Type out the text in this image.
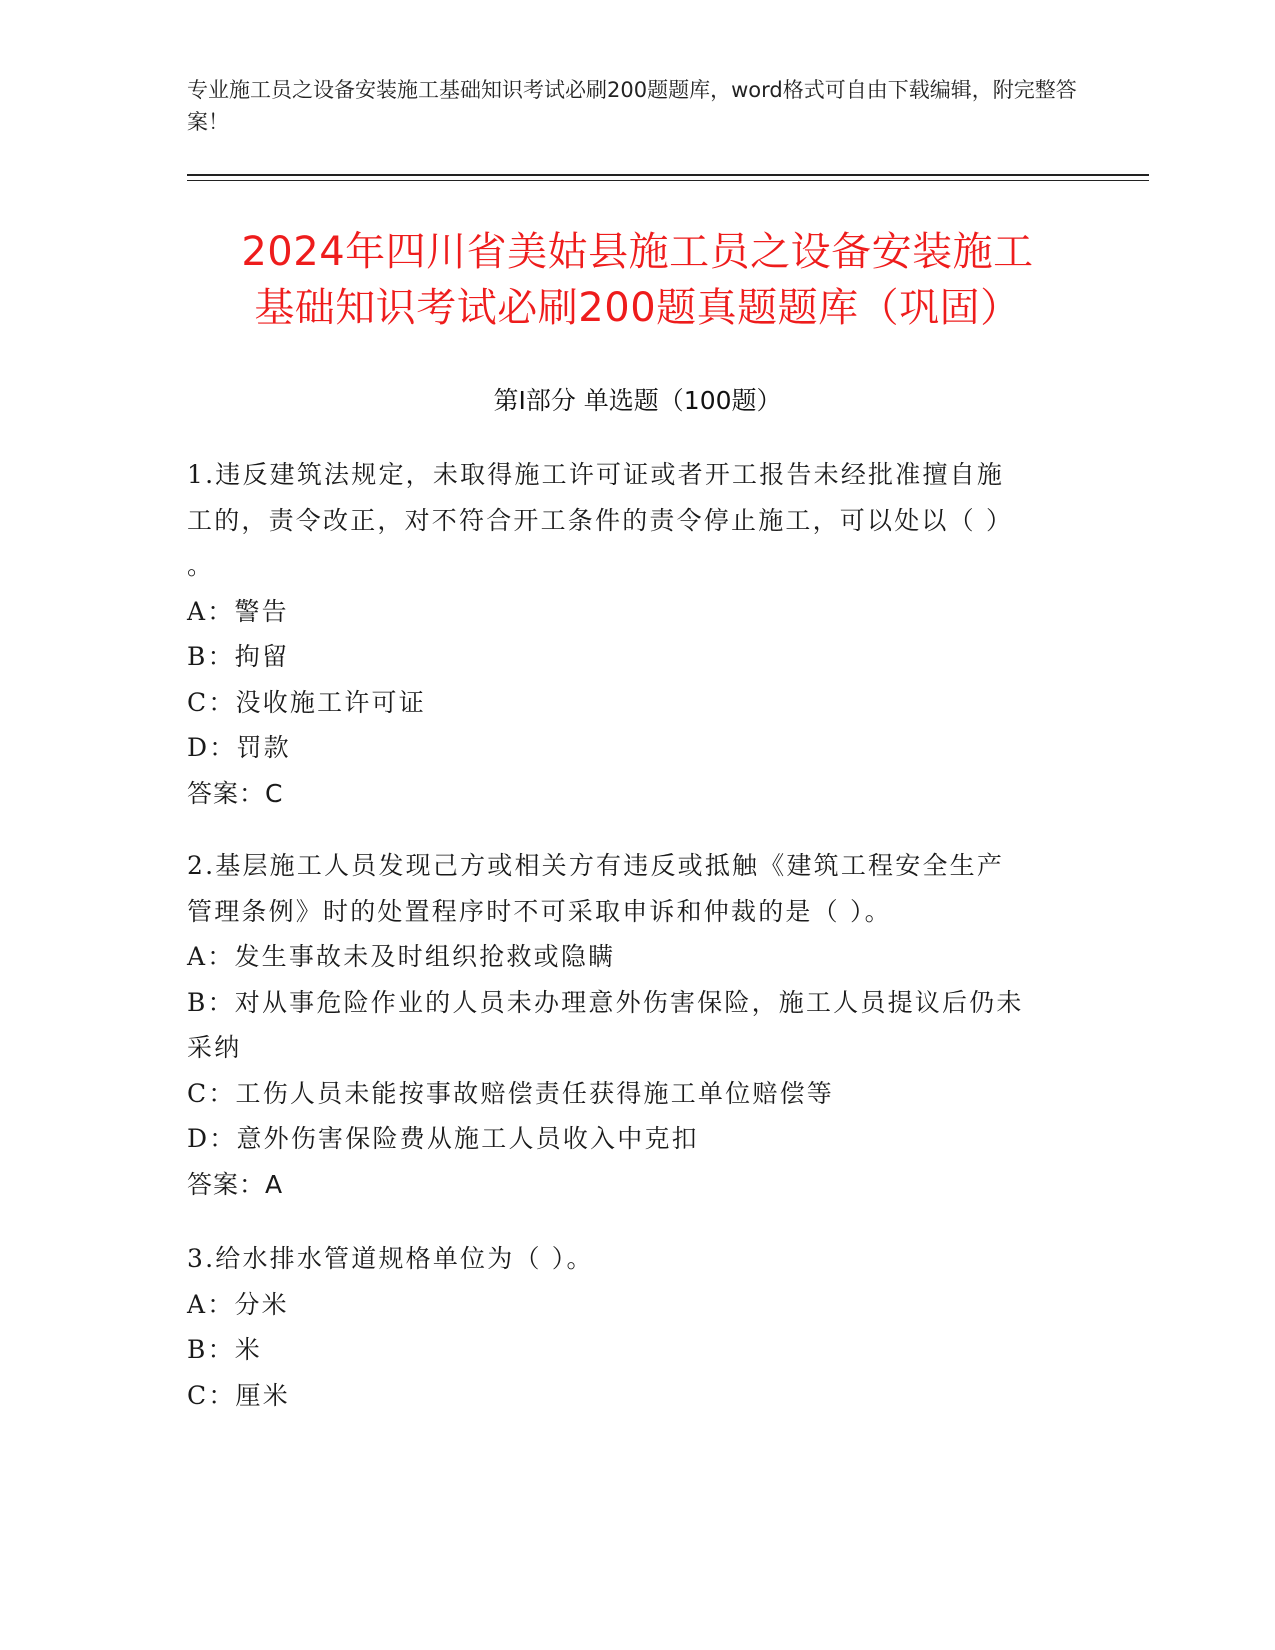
专业施工员之设备安装施工基础知识考试必刷200题题库，word格式可自由下载编辑，附完整答案！
2024年四川省美姑县施工员之设备安装施工
基础知识考试必刷200题真题题库（巩固）
第Ⅰ部分 单选题（100题）
1.违反建筑法规定，未取得施工许可证或者开工报告未经批准擅自施
工的，责令改正，对不符合开工条件的责令停止施工，可以处以（ ）
。
A：警告
B：拘留
C：没收施工许可证
D：罚款
答案：C
2.基层施工人员发现己方或相关方有违反或抵触《建筑工程安全生产
管理条例》时的处置程序时不可采取申诉和仲裁的是（ ）。
A：发生事故未及时组织抢救或隐瞒
B：对从事危险作业的人员未办理意外伤害保险，施工人员提议后仍未
采纳
C：工伤人员未能按事故赔偿责任获得施工单位赔偿等
D：意外伤害保险费从施工人员收入中克扣
答案：A
3.给水排水管道规格单位为（ ）。
A：分米
B：米
C：厘米
